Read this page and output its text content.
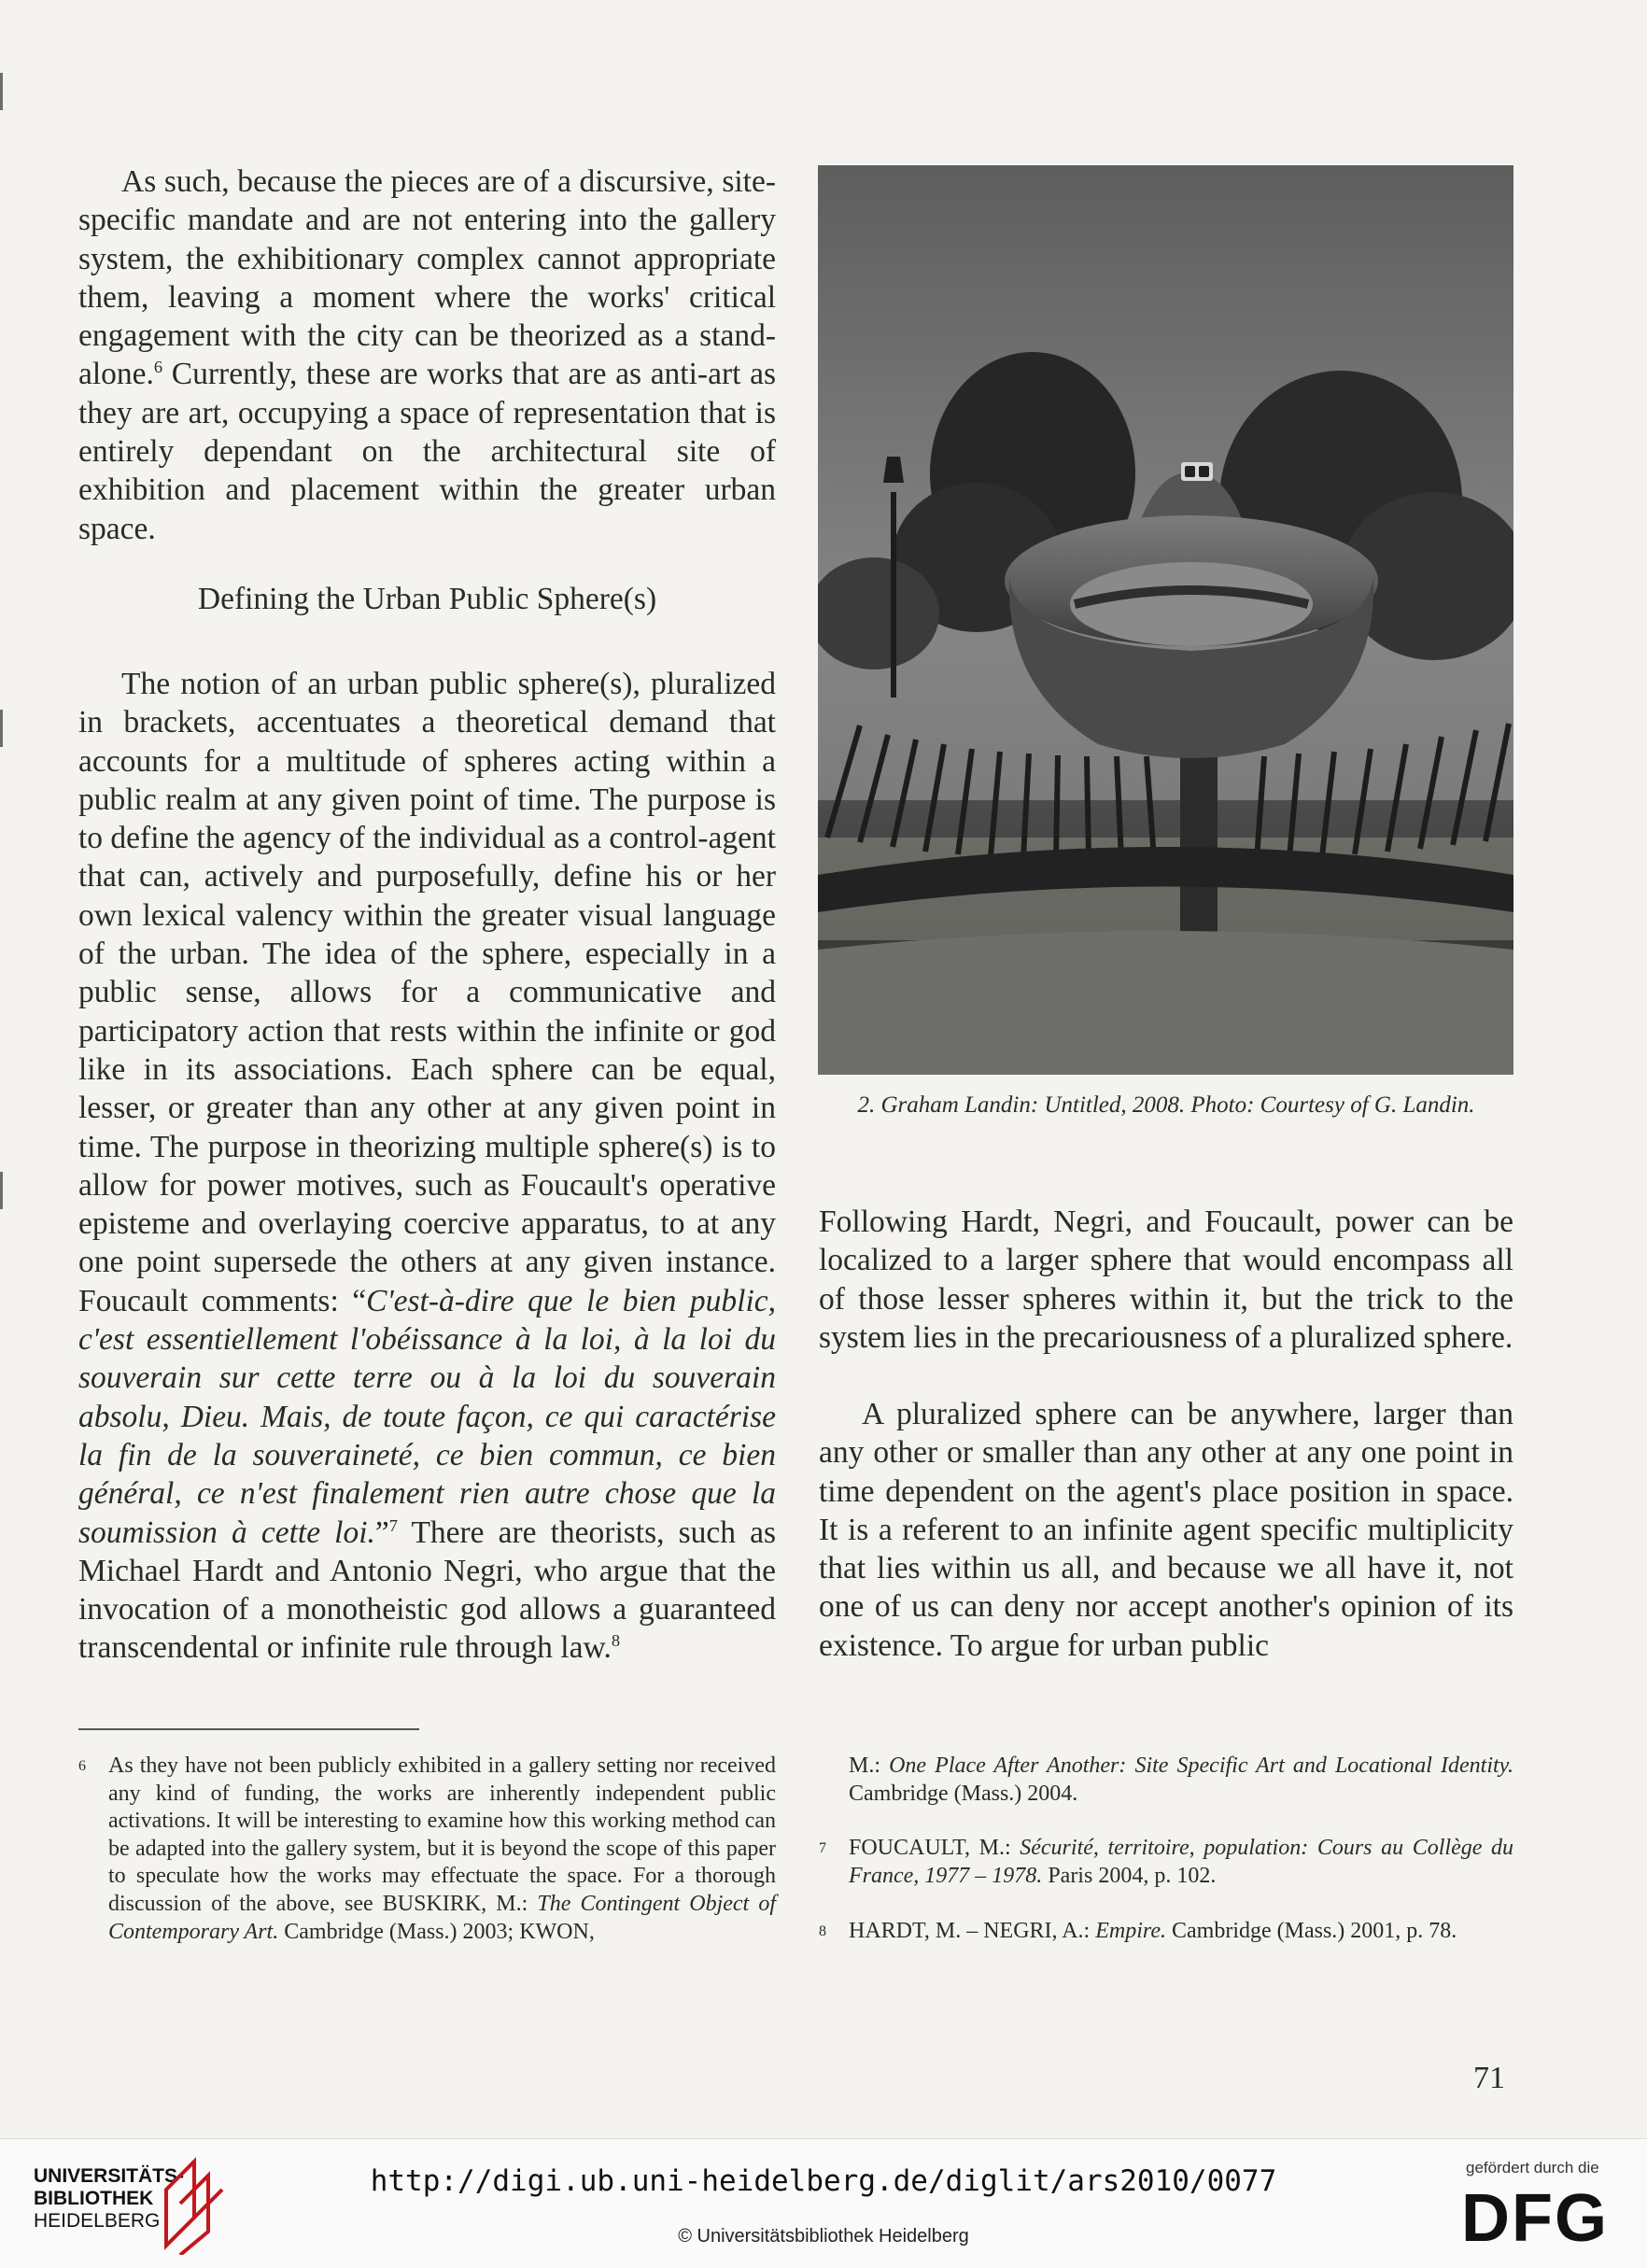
As such, because the pieces are of a discursive, site-specific mandate and are not entering into the gallery system, the exhibitionary complex cannot appropriate them, leaving a moment where the works' critical engagement with the city can be theorized as a stand-alone.$^6$ Currently, these are works that are as anti-art as they are art, occupying a space of representation that is entirely dependant on the architectural site of exhibition and placement within the greater urban space.

Defining the Urban Public Sphere(s)

The notion of an urban public sphere(s), pluralized in brackets, accentuates a theoretical demand that accounts for a multitude of spheres acting within a public realm at any given point of time. The purpose is to define the agency of the individual as a control-agent that can, actively and purposefully, define his or her own lexical valency within the greater visual language of the urban. The idea of the sphere, especially in a public sense, allows for a communicative and participatory action that rests within the infinite or god like in its associations. Each sphere can be equal, lesser, or greater than any other at any given point in time. The purpose in theorizing multiple sphere(s) is to allow for power motives, such as Foucault's operative episteme and overlaying coercive apparatus, to at any one point supersede the others at any given instance. Foucault comments: “C'est-à-dire que le bien public, c'est essentiellement l'obéissance à la loi, à la loi du souverain sur cette terre ou à la loi du souverain absolu, Dieu. Mais, de toute façon, ce qui caractérise la fin de la souveraineté, ce bien commun, ce bien général, ce n'est finalement rien autre chose que la soumission à cette loi.”$^7$ There are theorists, such as Michael Hardt and Antonio Negri, who argue that the invocation of a monotheistic god allows a guaranteed transcendental or infinite rule through law.$^8$

2. Graham Landin: Untitled, 2008. Photo: Courtesy of G. Landin.

Following Hardt, Negri, and Foucault, power can be localized to a larger sphere that would encompass all of those lesser spheres within it, but the trick to the system lies in the precariousness of a pluralized sphere.

A pluralized sphere can be anywhere, larger than any other or smaller than any other at any one point in time dependent on the agent's place position in space. It is a referent to an infinite agent specific multiplicity that lies within us all, and because we all have it, not one of us can deny nor accept another's opinion of its existence. To argue for urban public

6	As they have not been publicly exhibited in a gallery setting nor received any kind of funding, the works are inherently independent public activations. It will be interesting to examine how this working method can be adapted into the gallery system, but it is beyond the scope of this paper to speculate how the works may effectuate the space. For a thorough discussion of the above, see BUSKIRK, M.: The Contingent Object of Contemporary Art. Cambridge (Mass.) 2003; KWON,
M.: One Place After Another: Site Specific Art and Locational Identity. Cambridge (Mass.) 2004.
7	FOUCAULT, M.: Sécurité, territoire, population: Cours au Collège du France, 1977 – 1978. Paris 2004, p. 102.
8	HARDT, M. – NEGRI, A.: Empire. Cambridge (Mass.) 2001, p. 78.
71
UNIVERSITÄTS-
BIBLIOTHEK
HEIDELBERG
http://digi.ub.uni-heidelberg.de/diglit/ars2010/0077
© Universitätsbibliothek Heidelberg
gefördert durch die
DFG
